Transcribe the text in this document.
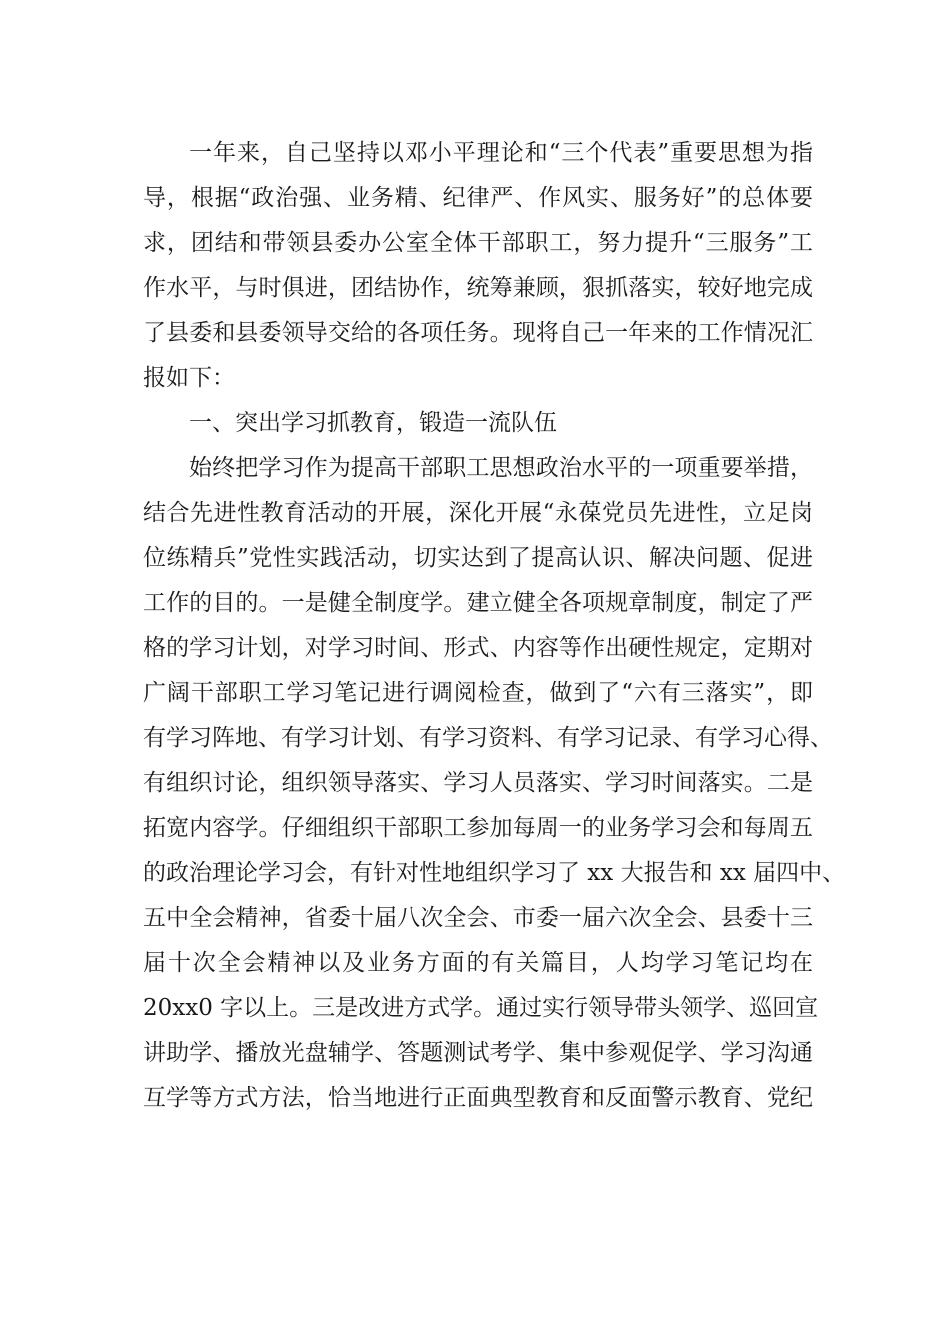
一年来，自己坚持以邓小平理论和“三个代表”重要思想为指
导，根据“政治强、业务精、纪律严、作风实、服务好”的总体要
求，团结和带领县委办公室全体干部职工，努力提升“三服务”工
作水平，与时俱进，团结协作，统筹兼顾，狠抓落实，较好地完成
了县委和县委领导交给的各项任务。现将自己一年来的工作情况汇
报如下：
一、突出学习抓教育，锻造一流队伍
始终把学习作为提高干部职工思想政治水平的一项重要举措，
结合先进性教育活动的开展，深化开展“永葆党员先进性，立足岗
位练精兵”党性实践活动，切实达到了提高认识、解决问题、促进
工作的目的。一是健全制度学。建立健全各项规章制度，制定了严
格的学习计划，对学习时间、形式、内容等作出硬性规定，定期对
广阔干部职工学习笔记进行调阅检查，做到了“六有三落实”，即
有学习阵地、有学习计划、有学习资料、有学习记录、有学习心得、
有组织讨论，组织领导落实、学习人员落实、学习时间落实。二是
拓宽内容学。仔细组织干部职工参加每周一的业务学习会和每周五
的政治理论学习会，有针对性地组织学习了 xx 大报告和 xx 届四中、
五中全会精神，省委十届八次全会、市委一届六次全会、县委十三
届十次全会精神以及业务方面的有关篇目，人均学习笔记均在
20xx0 字以上。三是改进方式学。通过实行领导带头领学、巡回宣
讲助学、播放光盘辅学、答题测试考学、集中参观促学、学习沟通
互学等方式方法，恰当地进行正面典型教育和反面警示教育、党纪
